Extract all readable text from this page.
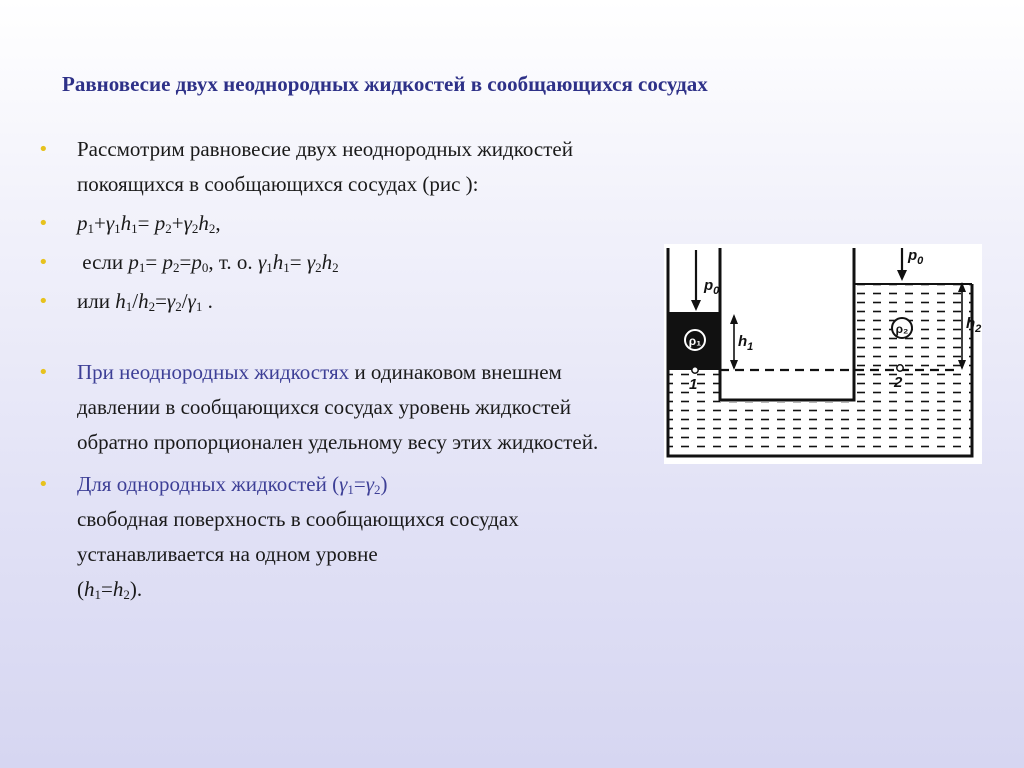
Равновесие двух неоднородных жидкостей в сообщающихся сосудах
• Рассмотрим равновесие двух неоднородных жидкостей покоящихся в сообщающихся сосудах (рис ):
• $p_1+\gamma_1h_1= p_2+\gamma_2h_2$,
• если $p_1= p_2=p_0$, т. о. $\gamma_1h_1= \gamma_2h_2$
• или $h_1/h_2=\gamma_2/\gamma_1$ .
• При неоднородных жидкостях и одинаковом внешнем давлении в сообщающихся сосудах уровень жидкостей обратно пропорционален удельному весу этих жидкостей.
• Для однородных жидкостей $(\gamma_1=\gamma_2)$
свободная поверхность в сообщающихся сосудах устанавливается на одном уровне
$(h_1=h_2)$.
$p_0$
$p_0$
ρ₁
ρ₂
$h_1$
$h_2$
1	2
